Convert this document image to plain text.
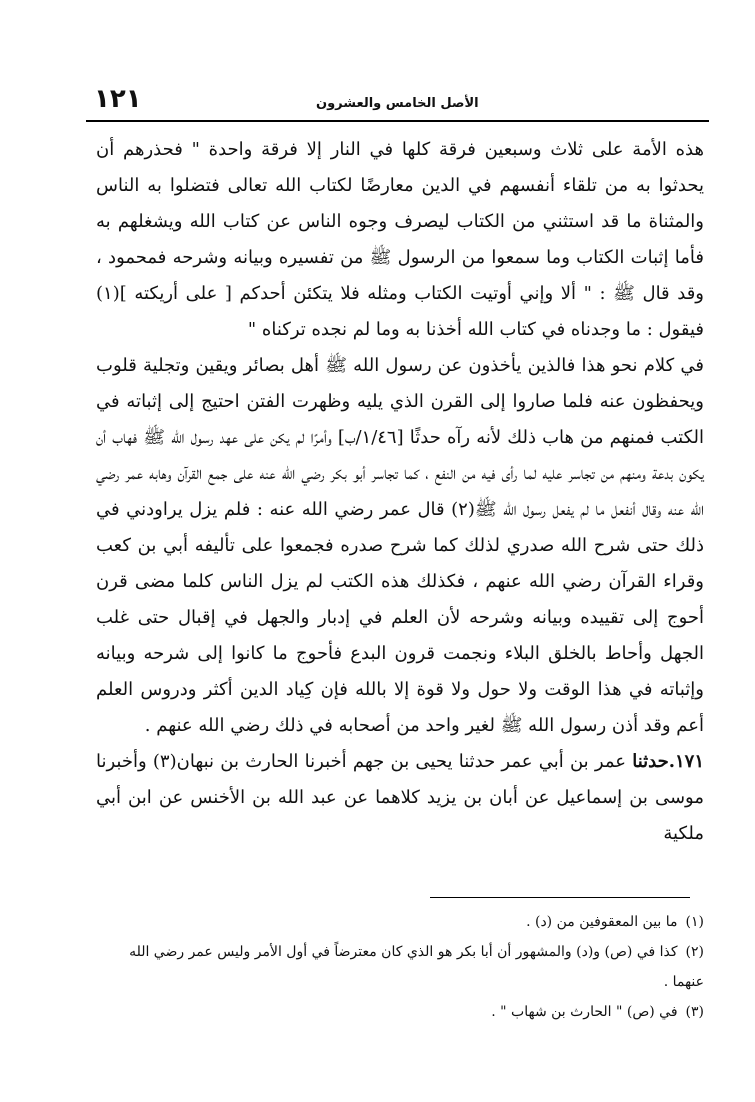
١٢١	الأصل الخامس والعشرون

هذه الأمة على ثلاث وسبعين فرقة كلها في النار إلا فرقة واحدة " فحذرهم أن يحدثوا به من تلقاء أنفسهم في الدين معارضًا لكتاب الله تعالى فتضلوا به الناس والمثناة ما قد استثني من الكتاب ليصرف وجوه الناس عن كتاب الله ويشغلهم به فأما إثبات الكتاب وما سمعوا من الرسول ﷺ من تفسيره وبيانه وشرحه فمحمود ، وقد قال ﷺ : " ألا وإني أوتيت الكتاب ومثله فلا يتكئن أحدكم [ على أريكته ](١) فيقول : ما وجدناه في كتاب الله أخذنا به وما لم نجده تركناه "

في كلام نحو هذا فالذين يأخذون عن رسول الله ﷺ أهل بصائر ويقين وتجلية قلوب ويحفظون عنه فلما صاروا إلى القرن الذي يليه وظهرت الفتن احتيج إلى إثباته في الكتب فمنهم من هاب ذلك لأنه رآه حدثًا [١/٤٦/ب] وأمرًا لم يكن على عهد رسول الله ﷺ فهاب أن يكون بدعة ومنهم من تجاسر عليه لما رأى فيه من النفع ، كما تجاسر أبو بكر رضي الله عنه على جمع القرآن وهابه عمر رضي الله عنه وقال أنفعل ما لم يفعل رسول الله ﷺ(٢) قال عمر رضي الله عنه : فلم يزل يراودني في ذلك حتى شرح الله صدري لذلك كما شرح صدره فجمعوا على تأليفه أبي بن كعب وقراء القرآن رضي الله عنهم ، فكذلك هذه الكتب لم يزل الناس كلما مضى قرن أحوج إلى تقييده وبيانه وشرحه لأن العلم في إدبار والجهل في إقبال حتى غلب الجهل وأحاط بالخلق البلاء ونجمت قرون البدع فأحوج ما كانوا إلى شرحه وبيانه وإثباته في هذا الوقت ولا حول ولا قوة إلا بالله فإن كِياد الدين أكثر ودروس العلم أعم وقد أذن رسول الله ﷺ لغير واحد من أصحابه في ذلك رضي الله عنهم .

١٧١.حدثنا عمر بن أبي عمر حدثنا يحيى بن جهم أخبرنا الحارث بن نبهان(٣) وأخبرنا موسى بن إسماعيل عن أبان بن يزيد كلاهما عن عبد الله بن الأخنس عن ابن أبي ملكية

(١)ما بين المعقوفين من (د) .

(٢)كذا في (ص) و(د) والمشهور أن أبا بكر هو الذي كان معترضاً في أول الأمر وليس عمر رضي الله عنهما .

(٣)في (ص) " الحارث بن شهاب " .
